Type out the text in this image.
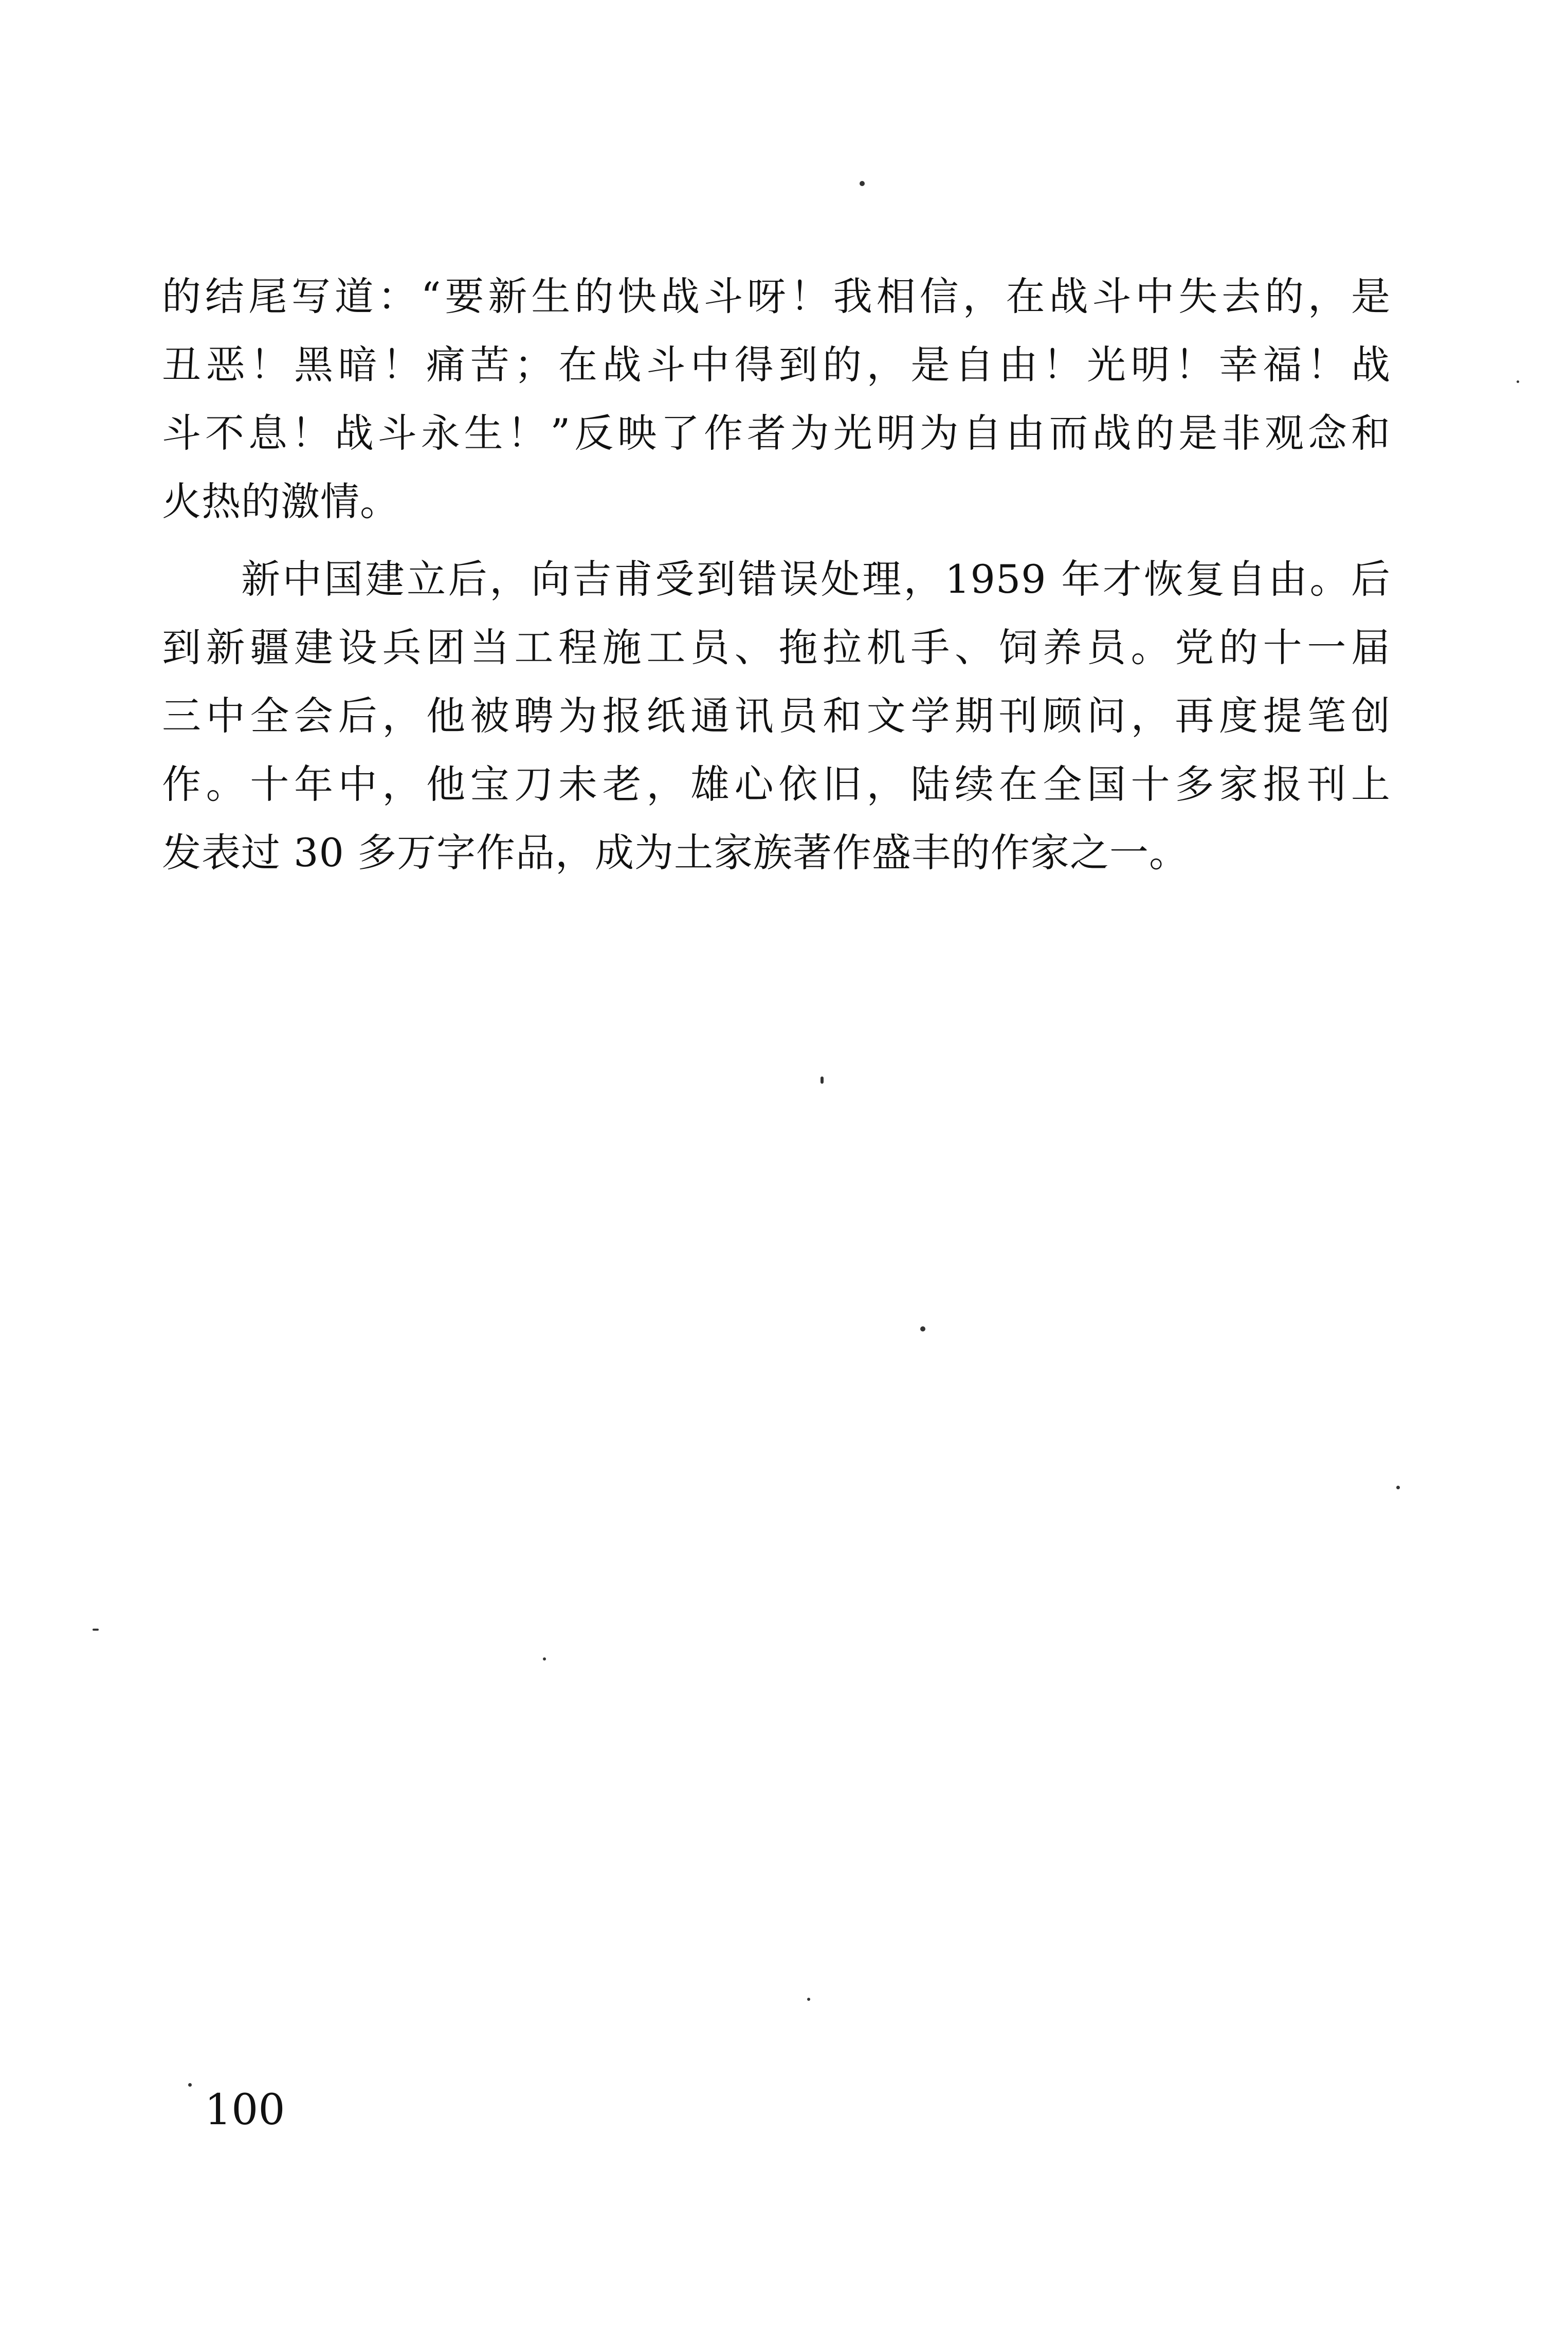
的结尾写道：“要新生的快战斗呀！我相信，在战斗中失去的，是
丑恶！黑暗！痛苦；在战斗中得到的，是自由！光明！幸福！战
斗不息！战斗永生！”反映了作者为光明为自由而战的是非观念和
火热的激情。
新中国建立后，向吉甫受到错误处理，1959 年才恢复自由。后
到新疆建设兵团当工程施工员、拖拉机手、饲养员。党的十一届
三中全会后，他被聘为报纸通讯员和文学期刊顾问，再度提笔创
作。十年中，他宝刀未老，雄心依旧，陆续在全国十多家报刊上
发表过 30 多万字作品，成为土家族著作盛丰的作家之一。
100
